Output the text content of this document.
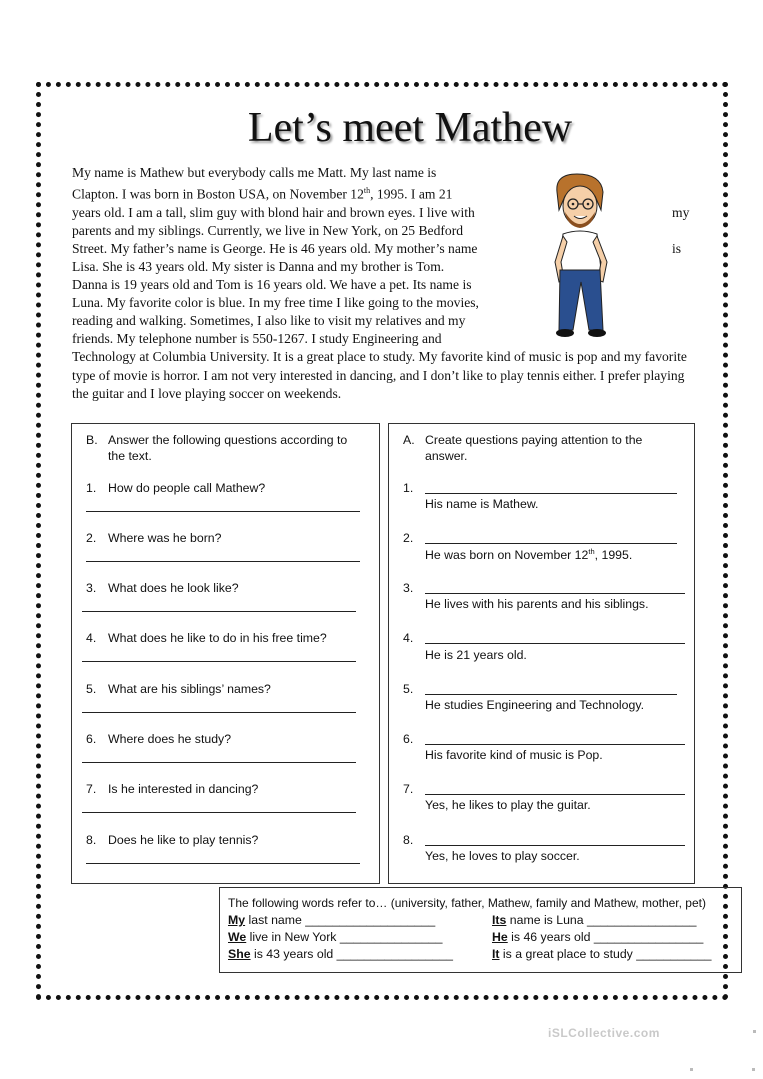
Let’s meet Mathew
My name is Mathew but everybody calls me Matt. My last name is
Clapton. I was born in Boston USA, on November 12th, 1995. I am 21
years old. I am a tall, slim guy with blond hair and brown eyes. I live with	my
parents and my siblings. Currently, we live in New York, on 25 Bedford
Street. My father’s name is George. He is 46 years old. My mother’s name	is
Lisa. She is 43 years old. My sister is Danna and my brother is Tom.
Danna is 19 years old and Tom is 16 years old. We have a pet. Its name is
Luna. My favorite color is blue. In my free time I like going to the movies,
reading and walking. Sometimes, I also like to visit my relatives and my
friends. My telephone number is 550-1267. I study Engineering and
Technology at Columbia University. It is a great place to study. My favorite kind of music is pop and my favorite type of movie is horror. I am not very interested in dancing, and I don’t like to play tennis either. I prefer playing the guitar and I love playing soccer on weekends.
B. Answer the following questions according to the text.
1. How do people call Mathew?
2. Where was he born?
3. What does he look like?
4. What does he like to do in his free time?
5. What are his siblings’ names?
6. Where does he study?
7. Is he interested in dancing?
8. Does he like to play tennis?
A. Create questions paying attention to the answer.
1.
His name is Mathew.
2.
He was born on November 12th, 1995.
3.
He lives with his parents and his siblings.
4.
He is 21 years old.
5.
He studies Engineering and Technology.
6.
His favorite kind of music is Pop.
7.
Yes, he likes to play the guitar.
8.
Yes, he loves to play soccer.
The following words refer to… (university, father, Mathew, family and Mathew, mother, pet)
My last name ___________________	Its name is Luna ________________
We live in New York _______________	He is 46 years old ________________
She is 43 years old _________________	It is a great place to study ___________
iSLCollective.com
